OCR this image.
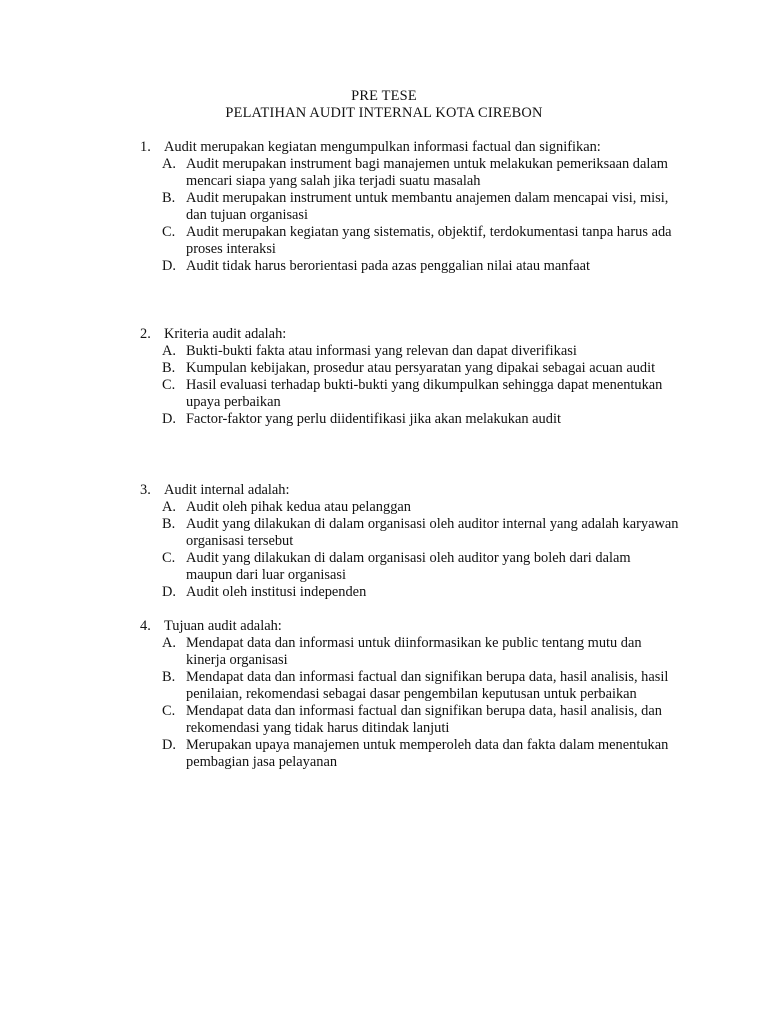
PRE TESE
PELATIHAN AUDIT INTERNAL KOTA CIREBON
1. Audit merupakan kegiatan mengumpulkan informasi factual dan signifikan:
A. Audit merupakan instrument bagi manajemen untuk melakukan pemeriksaan dalam mencari siapa yang salah jika terjadi suatu masalah
B. Audit merupakan instrument untuk membantu anajemen dalam mencapai visi, misi, dan tujuan organisasi
C. Audit merupakan kegiatan yang sistematis, objektif, terdokumentasi tanpa harus ada proses interaksi
D. Audit tidak harus berorientasi pada azas penggalian nilai atau manfaat
2. Kriteria audit adalah:
A. Bukti-bukti fakta atau informasi yang relevan dan dapat diverifikasi
B. Kumpulan kebijakan, prosedur atau persyaratan yang dipakai sebagai acuan audit
C. Hasil evaluasi terhadap bukti-bukti yang dikumpulkan sehingga dapat menentukan upaya perbaikan
D. Factor-faktor yang perlu diidentifikasi jika akan melakukan audit
3. Audit internal adalah:
A. Audit oleh pihak kedua atau pelanggan
B. Audit yang dilakukan di dalam organisasi oleh auditor internal yang adalah karyawan organisasi tersebut
C. Audit yang dilakukan di dalam organisasi oleh auditor yang boleh dari dalam maupun dari luar organisasi
D. Audit oleh institusi independen
4. Tujuan audit adalah:
A. Mendapat data dan informasi untuk diinformasikan ke public tentang mutu dan kinerja organisasi
B. Mendapat data dan informasi factual dan signifikan berupa data, hasil analisis, hasil penilaian, rekomendasi sebagai dasar pengembilan keputusan untuk perbaikan
C. Mendapat data dan informasi factual dan signifikan berupa data, hasil analisis, dan rekomendasi yang tidak harus ditindak lanjuti
D. Merupakan upaya manajemen untuk memperoleh data dan fakta dalam menentukan pembagian jasa pelayanan
